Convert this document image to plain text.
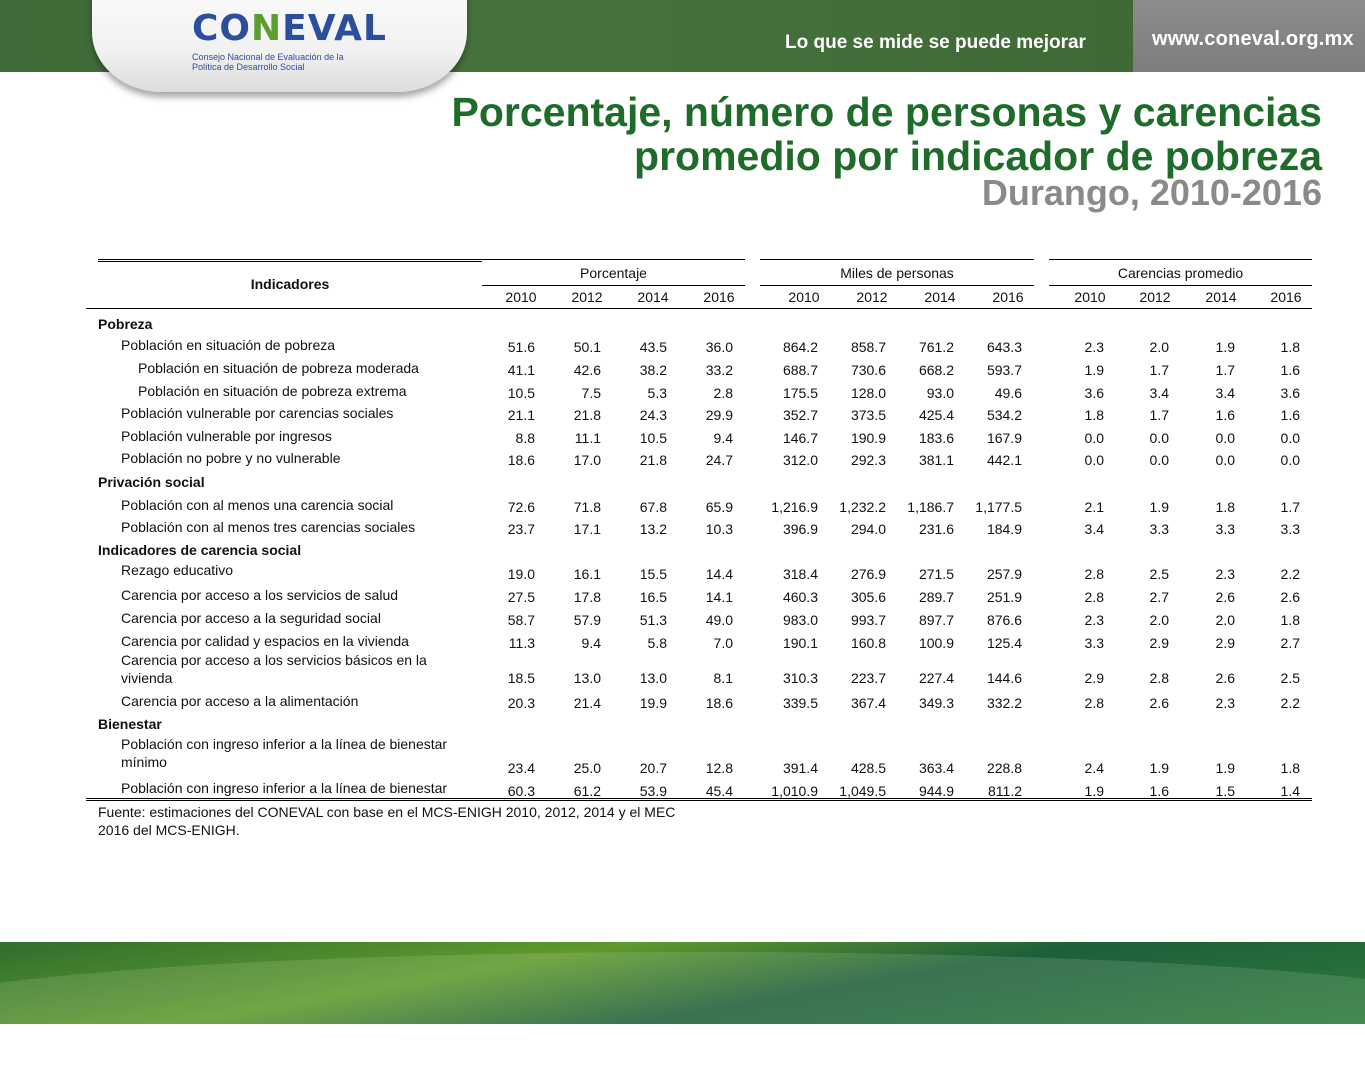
Lo que se mide se puede mejorar	www.coneval.org.mx
CONEVAL
Consejo Nacional de Evaluación de la Política de Desarrollo Social
Porcentaje, número de personas y carencias
promedio por indicador de pobreza
Durango, 2010-2016
Indicadores
Porcentaje	Miles de personas	Carencias promedio
2010	2012	2014	2016	2010	2012	2014	2016	2010	2012	2014	2016
Pobreza
Población en situación de pobreza	51.6	50.1	43.5	36.0	864.2	858.7	761.2	643.3	2.3	2.0	1.9	1.8
Población en situación de pobreza moderada	41.1	42.6	38.2	33.2	688.7	730.6	668.2	593.7	1.9	1.7	1.7	1.6
Población en situación de pobreza extrema	10.5	7.5	5.3	2.8	175.5	128.0	93.0	49.6	3.6	3.4	3.4	3.6
Población vulnerable por carencias sociales	21.1	21.8	24.3	29.9	352.7	373.5	425.4	534.2	1.8	1.7	1.6	1.6
Población vulnerable por ingresos	8.8	11.1	10.5	9.4	146.7	190.9	183.6	167.9	0.0	0.0	0.0	0.0
Población no pobre y no vulnerable	18.6	17.0	21.8	24.7	312.0	292.3	381.1	442.1	0.0	0.0	0.0	0.0
Privación social
Población con al menos una carencia social	72.6	71.8	67.8	65.9	1,216.9	1,232.2	1,186.7	1,177.5	2.1	1.9	1.8	1.7
Población con al menos tres carencias sociales	23.7	17.1	13.2	10.3	396.9	294.0	231.6	184.9	3.4	3.3	3.3	3.3
Indicadores de carencia social
Rezago educativo	19.0	16.1	15.5	14.4	318.4	276.9	271.5	257.9	2.8	2.5	2.3	2.2
Carencia por acceso a los servicios de salud	27.5	17.8	16.5	14.1	460.3	305.6	289.7	251.9	2.8	2.7	2.6	2.6
Carencia por acceso a la seguridad social	58.7	57.9	51.3	49.0	983.0	993.7	897.7	876.6	2.3	2.0	2.0	1.8
Carencia por calidad y espacios en la vivienda	11.3	9.4	5.8	7.0	190.1	160.8	100.9	125.4	3.3	2.9	2.9	2.7
Carencia por acceso a los servicios básicos en la
vivienda	18.5	13.0	13.0	8.1	310.3	223.7	227.4	144.6	2.9	2.8	2.6	2.5
Carencia por acceso a la alimentación	20.3	21.4	19.9	18.6	339.5	367.4	349.3	332.2	2.8	2.6	2.3	2.2
Bienestar
Población con ingreso inferior a la línea de bienestar
mínimo	23.4	25.0	20.7	12.8	391.4	428.5	363.4	228.8	2.4	1.9	1.9	1.8
Población con ingreso inferior a la línea de bienestar	60.3	61.2	53.9	45.4	1,010.9	1,049.5	944.9	811.2	1.9	1.6	1.5	1.4
Fuente: estimaciones del CONEVAL con base en el MCS-ENIGH 2010, 2012, 2014 y el MEC 2016 del MCS-ENIGH.
